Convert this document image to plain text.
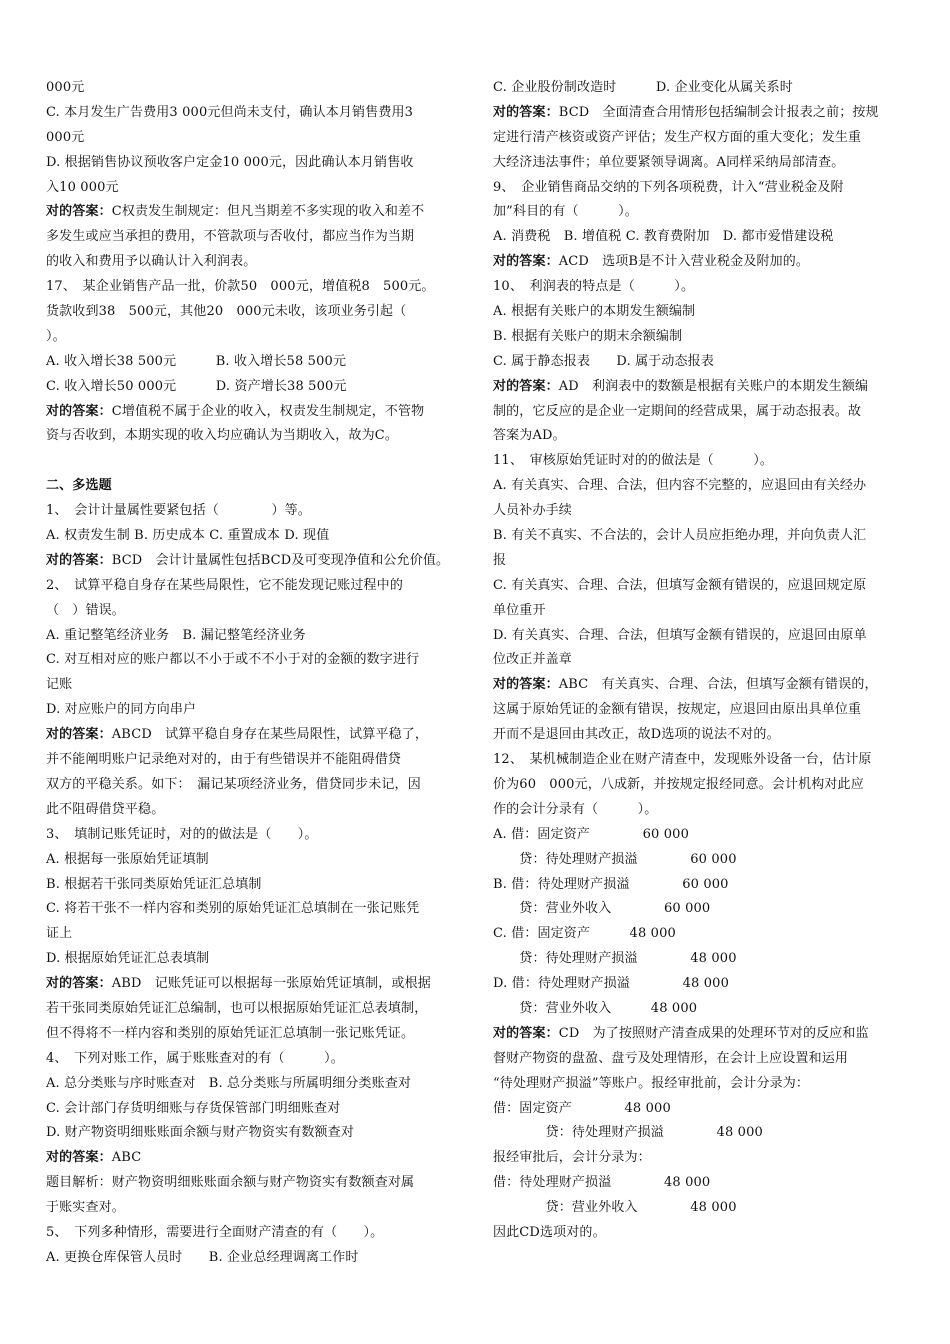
000元
C. 本月发生广告费用3 000元但尚未支付，确认本月销售费用3
000元
D. 根据销售协议预收客户定金10 000元，因此确认本月销售收
入10 000元
对的答案：C权责发生制规定：但凡当期差不多实现的收入和差不
多发生或应当承担的费用，不管款项与否收付，都应当作为当期
的收入和费用予以确认计入利润表。
17、　某企业销售产品一批，价款50　000元，增值税8　500元。
货款收到38　500元，其他20　000元未收，该项业务引起（
）。
A. 收入增长38 500元　　　B. 收入增长58 500元
C. 收入增长50 000元　　　D. 资产增长38 500元
对的答案：C增值税不属于企业的收入，权责发生制规定，不管物
资与否收到，本期实现的收入均应确认为当期收入，故为C。
二、多选题
1、　会计计量属性要紧包括（　　　　）等。
A. 权责发生制 B. 历史成本 C. 重置成本 D. 现值
对的答案：BCD　会计计量属性包括BCD及可变现净值和公允价值。
2、　试算平稳自身存在某些局限性，它不能发现记账过程中的
（　）错误。
A. 重记整笔经济业务　B. 漏记整笔经济业务
C. 对互相对应的账户都以不小于或不不小于对的金额的数字进行
记账
D. 对应账户的同方向串户
对的答案：ABCD　试算平稳自身存在某些局限性，试算平稳了，
并不能阐明账户记录绝对对的，由于有些错误并不能阻碍借贷
双方的平稳关系。如下：　漏记某项经济业务，借贷同步未记，因
此不阻碍借贷平稳。
3、　填制记账凭证时，对的的做法是（　　）。
A. 根据每一张原始凭证填制
B. 根据若干张同类原始凭证汇总填制
C. 将若干张不一样内容和类别的原始凭证汇总填制在一张记账凭
证上
D. 根据原始凭证汇总表填制
对的答案：ABD　记账凭证可以根据每一张原始凭证填制，或根据
若干张同类原始凭证汇总编制，也可以根据原始凭证汇总表填制，
但不得将不一样内容和类别的原始凭证汇总填制一张记账凭证。
4、　下列对账工作，属于账账查对的有（　　　）。
A. 总分类账与序时账查对　B. 总分类账与所属明细分类账查对
C. 会计部门存货明细账与存货保管部门明细账查对
D. 财产物资明细账账面余额与财产物资实有数额查对
对的答案：ABC
题目解析：财产物资明细账账面余额与财产物资实有数额查对属
于账实查对。
5、　下列多种情形，需要进行全面财产清查的有（　　）。
A. 更换仓库保管人员时　　B. 企业总经理调离工作时
C. 企业股份制改造时　　　D. 企业变化从属关系时
对的答案：BCD　全面清查合用情形包括编制会计报表之前；按规
定进行清产核资或资产评估；发生产权方面的重大变化；发生重
大经济违法事件；单位要紧领导调离。A同样采纳局部清查。
9、　企业销售商品交纳的下列各项税费，计入“营业税金及附
加”科目的有（　　　）。
A. 消费税　B. 增值税 C. 教育费附加　D. 都市爱惜建设税
对的答案：ACD　选项B是不计入营业税金及附加的。
10、　利润表的特点是（　　　）。
A. 根据有关账户的本期发生额编制
B. 根据有关账户的期末余额编制
C. 属于静态报表　　D. 属于动态报表
对的答案：AD　利润表中的数额是根据有关账户的本期发生额编
制的，它反应的是企业一定期间的经营成果，属于动态报表。故
答案为AD。
11、　审核原始凭证时对的的做法是（　　　）。
A. 有关真实、合理、合法，但内容不完整的，应退回由有关经办
人员补办手续
B. 有关不真实、不合法的，会计人员应拒绝办理，并向负责人汇
报
C. 有关真实、合理、合法，但填写金额有错误的，应退回规定原
单位重开
D. 有关真实、合理、合法，但填写金额有错误的，应退回由原单
位改正并盖章
对的答案：ABC　有关真实、合理、合法，但填写金额有错误的，
这属于原始凭证的金额有错误，按规定，应退回由原出具单位重
开而不是退回由其改正，故D选项的说法不对的。
12、　某机械制造企业在财产清查中，发现账外设备一台，估计原
价为60　000元，八成新，并按规定报经同意。会计机构对此应
作的会计分录有（　　　）。
A. 借：固定资产　　　　60 000
　　贷：待处理财产损溢　　　　60 000
B. 借：待处理财产损溢　　　　60 000
　　贷：营业外收入　　　　60 000
C. 借：固定资产　　　48 000
　　贷：待处理财产损溢　　　　48 000
D. 借：待处理财产损溢　　　　48 000
　　贷：营业外收入　　　48 000
对的答案：CD　为了按照财产清查成果的处理环节对的反应和监
督财产物资的盘盈、盘亏及处理情形，在会计上应设置和运用
“待处理财产损溢”等账户。报经审批前，会计分录为：
借：固定资产　　　　48 000
　　　　贷：待处理财产损溢　　　　48 000
报经审批后，会计分录为：
借：待处理财产损溢　　　　48 000
　　　　贷：营业外收入　　　　48 000
因此CD选项对的。
